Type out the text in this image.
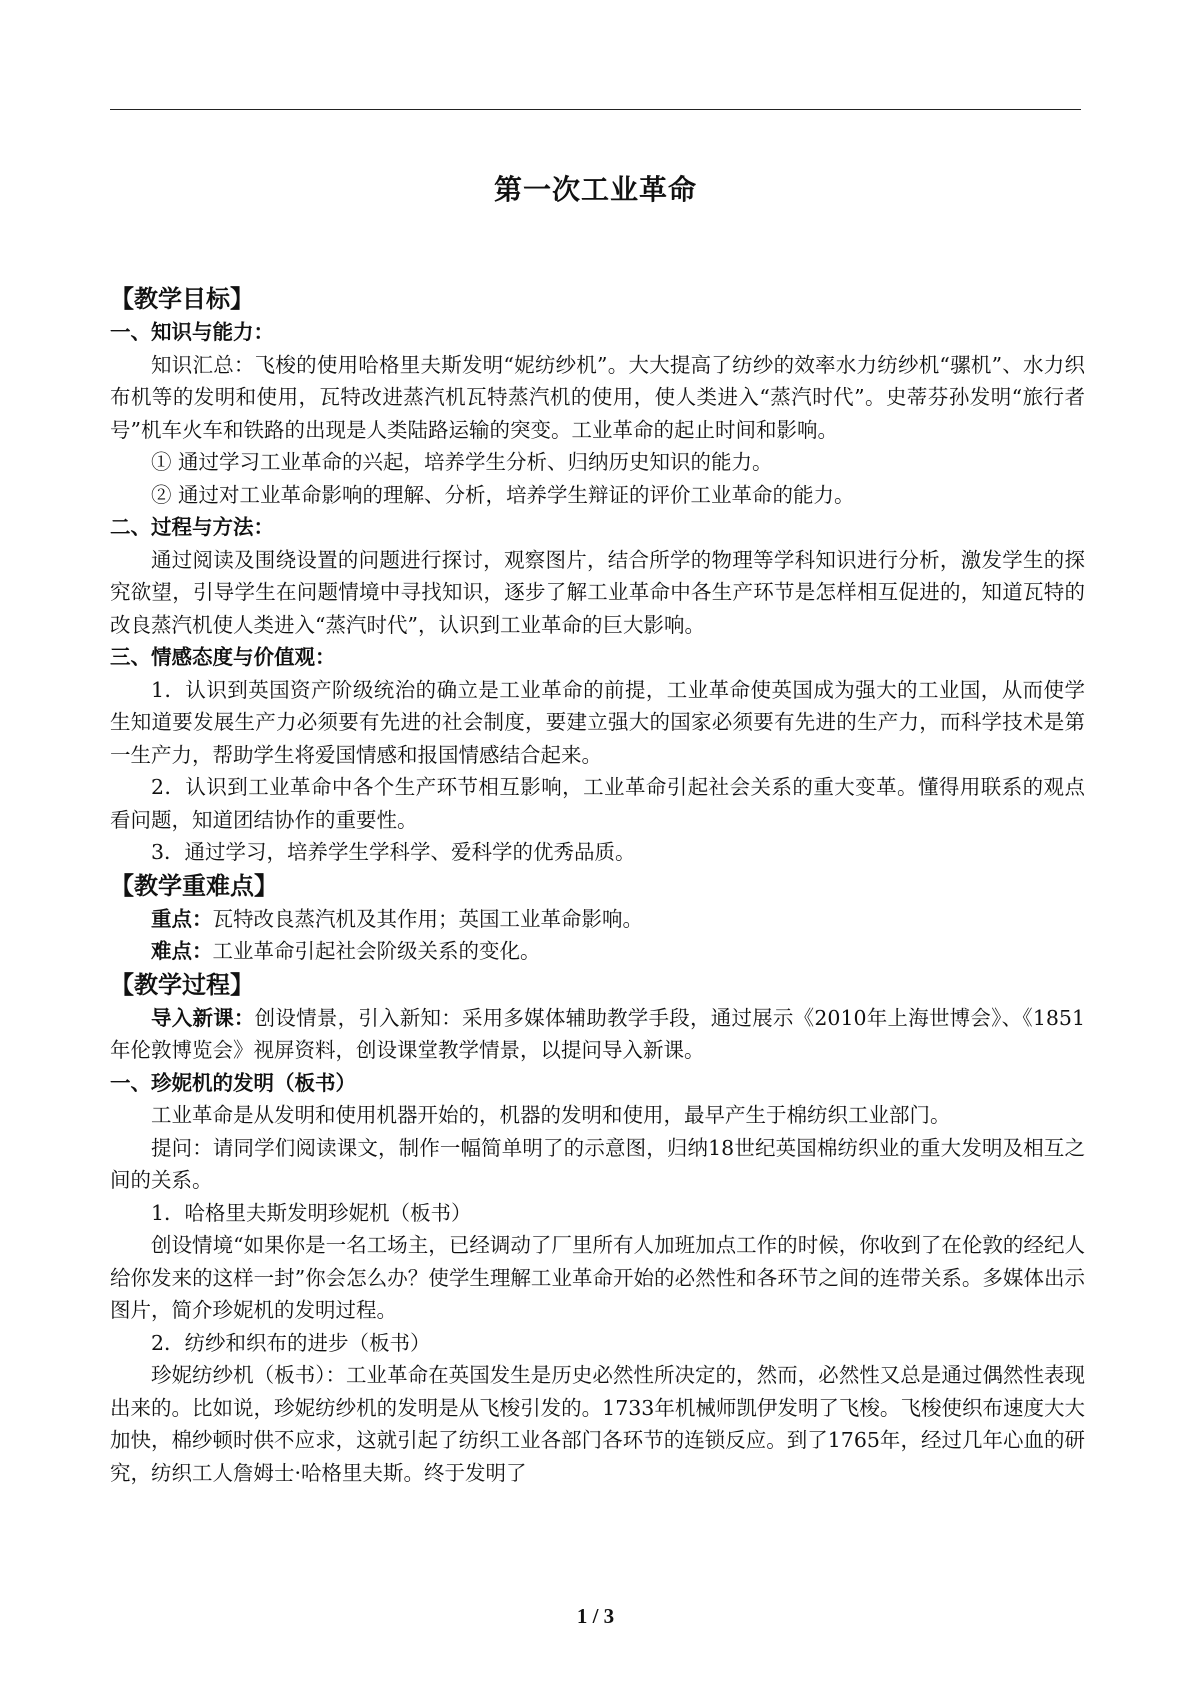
第一次工业革命

【教学目标】

一、知识与能力：

知识汇总：飞梭的使用哈格里夫斯发明“妮纺纱机”。大大提高了纺纱的效率水力纺纱机“骡机”、水力织布机等的发明和使用，瓦特改进蒸汽机瓦特蒸汽机的使用，使人类进入“蒸汽时代”。史蒂芬孙发明“旅行者号”机车火车和铁路的出现是人类陆路运输的突变。工业革命的起止时间和影响。

① 通过学习工业革命的兴起，培养学生分析、归纳历史知识的能力。

② 通过对工业革命影响的理解、分析，培养学生辩证的评价工业革命的能力。

二、过程与方法：

通过阅读及围绕设置的问题进行探讨，观察图片，结合所学的物理等学科知识进行分析，激发学生的探究欲望，引导学生在问题情境中寻找知识，逐步了解工业革命中各生产环节是怎样相互促进的，知道瓦特的改良蒸汽机使人类进入“蒸汽时代”，认识到工业革命的巨大影响。

三、情感态度与价值观：

1．认识到英国资产阶级统治的确立是工业革命的前提，工业革命使英国成为强大的工业国，从而使学生知道要发展生产力必须要有先进的社会制度，要建立强大的国家必须要有先进的生产力，而科学技术是第一生产力，帮助学生将爱国情感和报国情感结合起来。

2．认识到工业革命中各个生产环节相互影响，工业革命引起社会关系的重大变革。懂得用联系的观点看问题，知道团结协作的重要性。

3．通过学习，培养学生学科学、爱科学的优秀品质。

【教学重难点】

重点：瓦特改良蒸汽机及其作用；英国工业革命影响。

难点：工业革命引起社会阶级关系的变化。

【教学过程】

导入新课：创设情景，引入新知：采用多媒体辅助教学手段，通过展示《2010年上海世博会》、《1851年伦敦博览会》视屏资料，创设课堂教学情景，以提问导入新课。

一、珍妮机的发明（板书）

工业革命是从发明和使用机器开始的，机器的发明和使用，最早产生于棉纺织工业部门。

提问：请同学们阅读课文，制作一幅简单明了的示意图，归纳18世纪英国棉纺织业的重大发明及相互之间的关系。

1．哈格里夫斯发明珍妮机（板书）

创设情境“如果你是一名工场主，已经调动了厂里所有人加班加点工作的时候，你收到了在伦敦的经纪人给你发来的这样一封”你会怎么办？使学生理解工业革命开始的必然性和各环节之间的连带关系。多媒体出示图片，简介珍妮机的发明过程。

2．纺纱和织布的进步（板书）

珍妮纺纱机（板书）：工业革命在英国发生是历史必然性所决定的，然而，必然性又总是通过偶然性表现出来的。比如说，珍妮纺纱机的发明是从飞梭引发的。1733年机械师凯伊发明了飞梭。飞梭使织布速度大大加快，棉纱顿时供不应求，这就引起了纺织工业各部门各环节的连锁反应。到了1765年，经过几年心血的研究，纺织工人詹姆士·哈格里夫斯。终于发明了

1 / 3
